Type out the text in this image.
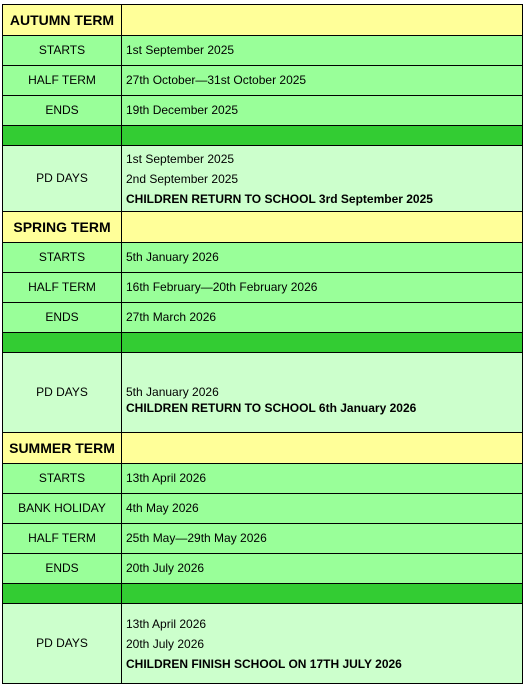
AUTUMN TERM	
STARTS	1st September 2025
HALF TERM	27th October—31st October 2025
ENDS	19th December 2025

PD DAYS	1st September 2025
2nd September 2025
CHILDREN RETURN TO SCHOOL 3rd September 2025

SPRING TERM	
STARTS	5th January 2026
HALF TERM	16th February—20th February 2026
ENDS	27th March 2026

PD DAYS	5th January 2026
CHILDREN RETURN TO SCHOOL 6th January 2026

SUMMER TERM	
STARTS	13th April 2026
BANK HOLIDAY	4th May 2026
HALF TERM	25th May—29th May 2026
ENDS	20th July 2026

PD DAYS	13th April 2026
20th July 2026
CHILDREN FINISH SCHOOL ON 17TH JULY 2026
